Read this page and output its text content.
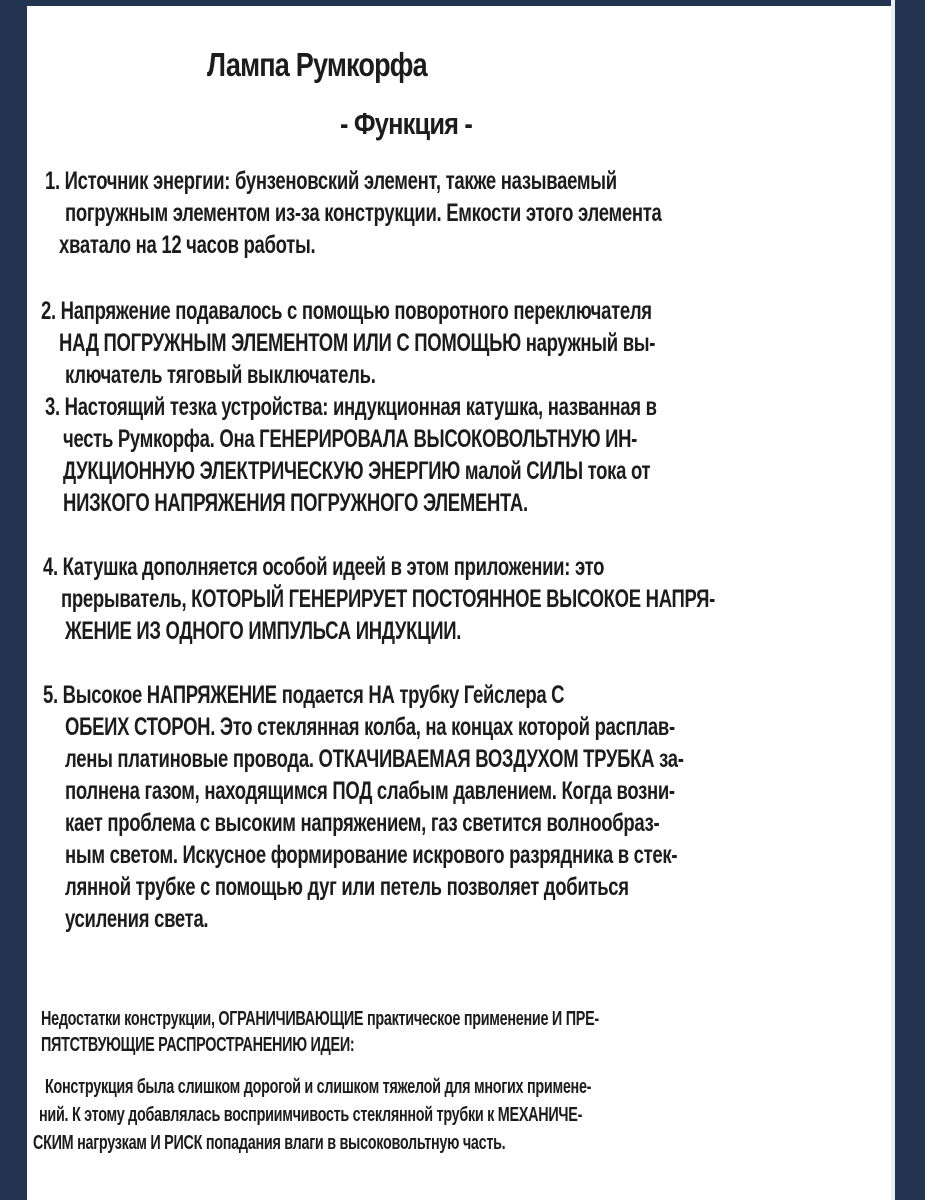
Лампа Румкорфа
- Функция -
1. Источник энергии: бунзеновский элемент, также называемый
погружным элементом из-за конструкции. Емкости этого элемента
хватало на 12 часов работы.
2. Напряжение подавалось с помощью поворотного переключателя
НАД ПОГРУЖНЫМ ЭЛЕМЕНТОМ ИЛИ С ПОМОЩЬЮ наружный вы-
ключатель тяговый выключатель.
3. Настоящий тезка устройства: индукционная катушка, названная в
честь Румкорфа. Она ГЕНЕРИРОВАЛА ВЫСОКОВОЛЬТНУЮ ИН-
ДУКЦИОННУЮ ЭЛЕКТРИЧЕСКУЮ ЭНЕРГИЮ малой СИЛЫ тока от
НИЗКОГО НАПРЯЖЕНИЯ ПОГРУЖНОГО ЭЛЕМЕНТА.
4. Катушка дополняется особой идеей в этом приложении: это
прерыватель, КОТОРЫЙ ГЕНЕРИРУЕТ ПОСТОЯННОЕ ВЫСОКОЕ НАПРЯ-
ЖЕНИЕ ИЗ ОДНОГО ИМПУЛЬСА ИНДУКЦИИ.
5. Высокое НАПРЯЖЕНИЕ подается НА трубку Гейслера С
ОБЕИХ СТОРОН. Это стеклянная колба, на концах которой расплав-
лены платиновые провода. ОТКАЧИВАЕМАЯ ВОЗДУХОМ ТРУБКА за-
полнена газом, находящимся ПОД слабым давлением. Когда возни-
кает проблема с высоким напряжением, газ светится волнообраз-
ным светом. Искусное формирование искрового разрядника в стек-
лянной трубке с помощью дуг или петель позволяет добиться
усиления света.
Недостатки конструкции, ОГРАНИЧИВАЮЩИЕ практическое применение И ПРЕ-
ПЯТСТВУЮЩИЕ РАСПРОСТРАНЕНИЮ ИДЕИ:
Конструкция была слишком дорогой и слишком тяжелой для многих примене-
ний. К этому добавлялась восприимчивость стеклянной трубки к МЕХАНИЧЕ-
СКИМ нагрузкам И РИСК попадания влаги в высоковольтную часть.
